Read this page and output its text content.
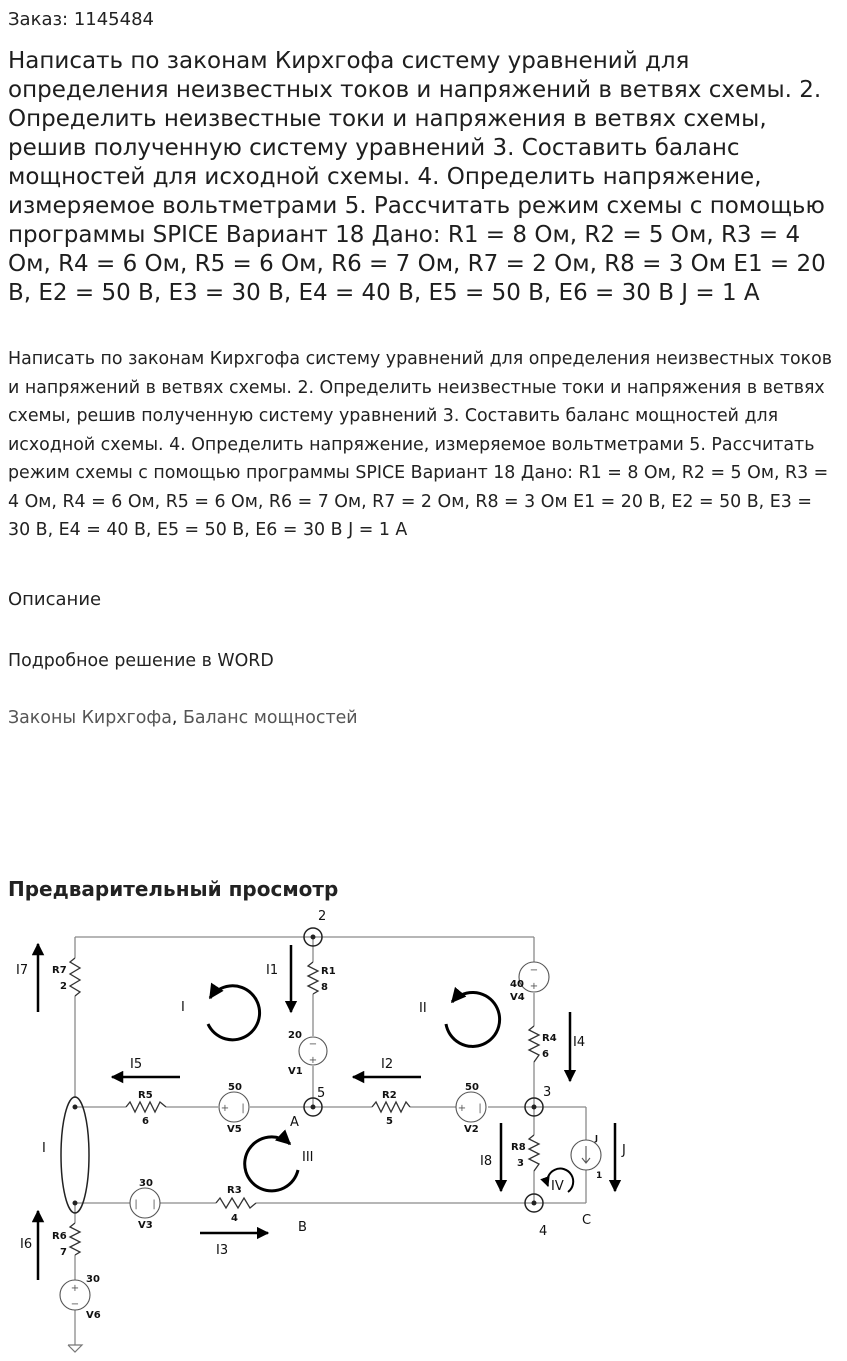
Заказ: 1145484
Написать по законам Кирхгофа систему уравнений для определения неизвестных токов и напряжений в ветвях схемы. 2. Определить неизвестные токи и напряжения в ветвях схемы, решив полученную систему уравнений 3. Составить баланс мощностей для исходной схемы. 4. Определить напряжение, измеряемое вольтметрами 5. Рассчитать режим схемы с помощью программы SPICE Вариант 18 Дано: R1 = 8 Ом, R2 = 5 Ом, R3 = 4 Ом, R4 = 6 Ом, R5 = 6 Ом, R6 = 7 Ом, R7 = 2 Ом, R8 = 3 Ом E1 = 20 В, E2 = 50 В, E3 = 30 В, E4 = 40 В, E5 = 50 В, E6 = 30 В J = 1 А
Написать по законам Кирхгофа систему уравнений для определения неизвестных токов и напряжений в ветвях схемы. 2. Определить неизвестные токи и напряжения в ветвях схемы, решив полученную систему уравнений 3. Составить баланс мощностей для исходной схемы. 4. Определить напряжение, измеряемое вольтметрами 5. Рассчитать режим схемы с помощью программы SPICE Вариант 18 Дано: R1 = 8 Ом, R2 = 5 Ом, R3 = 4 Ом, R4 = 6 Ом, R5 = 6 Ом, R6 = 7 Ом, R7 = 2 Ом, R8 = 3 Ом E1 = 20 В, E2 = 50 В, E3 = 30 В, E4 = 40 В, E5 = 50 В, E6 = 30 В J = 1 А
Описание
Подробное решение в WORD
Законы Кирхгофа, Баланс мощностей
Предварительный просмотр
−
+
−
+
+ |	+ |
| |
+
−
R7
2
R1
8
20
V1
40
V4
R4
6
R5
6
50
V5
R2
5
50
V2
R8
3
J
1
30
V3
R3
4
R6
7
30
V6
2
5
A
3
4
B	C
I
I7	I1
I4
I5	I2
I8
J
I3
I6
I	II
III
IV
